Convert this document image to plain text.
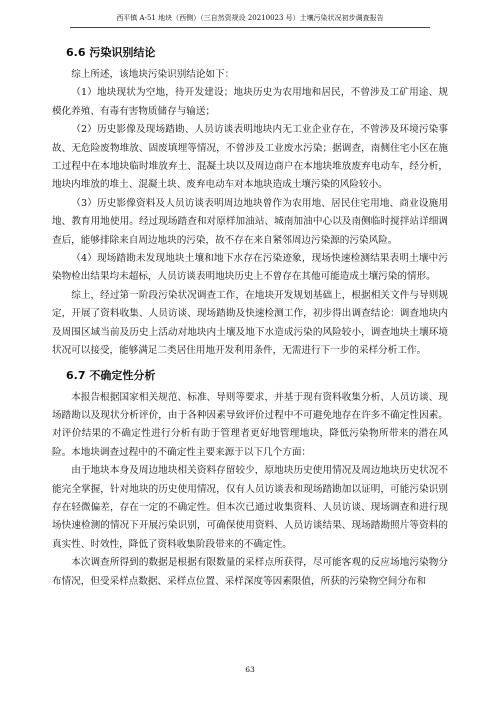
西平镇 A-51 地块（西侧）（三自然资规设 20210023 号）土壤污染状况初步调查报告
6.6 污染识别结论

综上所述，该地块污染识别结论如下：

（1）地块现状为空地，待开发建设；地块历史为农用地和居民，不曾涉及工矿用途、规模化养殖、有毒有害物质储存与输送；

（2）历史影像及现场踏勘、人员访谈表明地块内无工业企业存在，不曾涉及环境污染事故、无危险废物堆放、固废填埋等情况，不曾涉及工业废水污染；据调查，南侧住宅小区在施工过程中在本地块临时堆放弃土、混凝土块以及周边商户在本地块堆放废弃电动车，经分析，地块内堆放的堆土、混凝土块、废弃电动车对本地块造成土壤污染的风险较小。

（3）历史影像资料及人员访谈表明周边地块曾作为农用地、居民住宅用地、商业设施用地、教育用地使用。经过现场踏查和对原样加油站、城南加油中心以及南侧临时搅拌站详细调查后，能够排除来自周边地块的污染，故不存在来自紧邻周边污染源的污染风险。

（4）现场踏勘未发现地块土壤和地下水存在污染迹象，现场快速检测结果表明土壤中污染物检出结果均未超标，人员访谈表明地块历史上不曾存在其他可能造成土壤污染的情形。

综上，经过第一阶段污染状况调查工作，在地块开发规划基础上，根据相关文件与导则规定，开展了资料收集、人员访谈、现场踏勘及快速检测工作，初步得出调查结论：调查地块内及周围区域当前及历史上活动对地块内土壤及地下水造成污染的风险较小，调查地块土壤环境状况可以接受，能够满足二类居住用地开发利用条件，无需进行下一步的采样分析工作。

6.7 不确定性分析

本报告根据国家相关规范、标准、导则等要求，并基于现有资料收集分析、人员访谈、现场踏勘以及现状分析评价，由于各种因素导致评价过程中不可避免地存在许多不确定性因素。对评价结果的不确定性进行分析有助于管理者更好地管理地块，降低污染物所带来的潜在风险。本地块调查过程中的不确定性主要来源于以下几个方面：

由于地块本身及周边地块相关资料存留较少，原地块历史使用情况及周边地块历史状况不能完全掌握，针对地块的历史使用情况，仅有人员访谈表和现场踏勘加以证明，可能污染识别存在轻微偏差，存在一定的不确定性。但本次已通过收集资料、人员访谈、现场调查和进行现场快速检测的情况下开展污染识别，可确保使用资料、人员访谈结果、现场踏勘照片等资料的真实性、时效性，降低了资料收集阶段带来的不确定性。

本次调查所得到的数据是根据有限数量的采样点所获得，尽可能客观的反应场地污染物分布情况，但受采样点数据、采样点位置、采样深度等因素限值，所获的污染物空间分布和

63
